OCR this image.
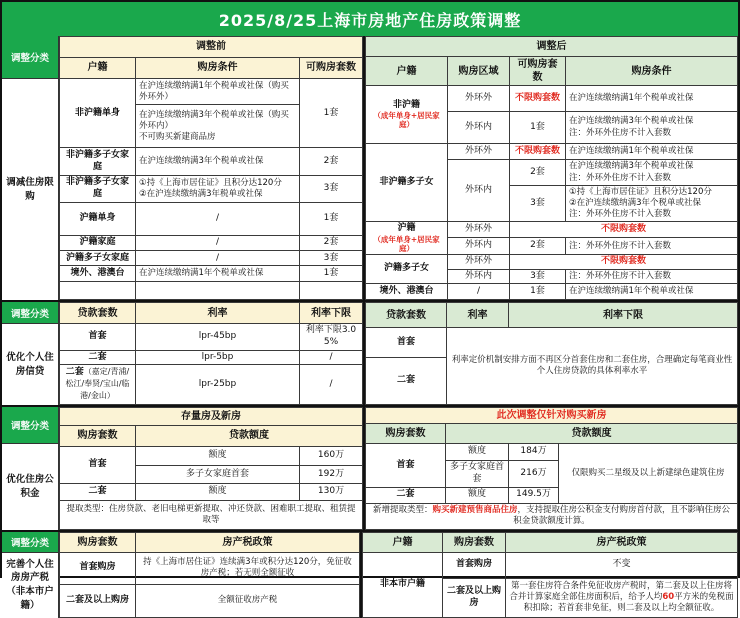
2025/8/25上海市房地产住房政策调整
调整分类
调减住房限购
调整前		
户籍	购房条件	可购房套数
非沪籍单身	在沪连续缴纳满1年个税单或社保（购买外环外）	1套

	在沪连续缴纳满3年个税单或社保（购买外环内）
不可购买新建商品房	

非沪籍多子女家庭	在沪连续缴纳满3年个税单或社保	2套
非沪籍多子女家庭	①持《上海市居住证》且积分达120分
②在沪连续缴纳满3年税单或社保	3套
沪籍单身	/	1套
沪籍家庭	/	2套
沪籍多子女家庭	/	3套
境外、港澳台	在沪连续缴纳满1年个税单或社保	1套

调整后			
户籍	购房区域	可购房套数	购房条件
非沪籍
（成年单身+居民家庭）	外环外	不限购套数	在沪连续缴纳满1年个税单或社保
	外环内	1套	在沪连续缴纳满3年个税单或社保
注：外环外住房不计入套数

非沪籍多子女	外环外	不限购套数	在沪连续缴纳满1年个税单或社保
	外环内	2套	在沪连续缴纳满3年个税单或社保
注：外环外住房不计入套数

		3套	①持《上海市居住证》且积分达120分
②在沪连续缴纳满3年个税单或社保
注：外环外住房不计入套数

沪籍
（成年单身+居民家庭）	外环外	不限购套数	
	外环内	2套	注：外环外住房不计入套数
沪籍多子女	外环外	不限购套数	
	外环内	3套	注：外环外住房不计入套数
境外、港澳台	/	1套	在沪连续缴纳满1年个税单或社保
调整分类
优化个人住房信贷
贷款套数	利率	利率下限
首套	lpr-45bp	利率下限3.05%
二套	lpr-5bp	/
二套（嘉定/青浦/松江/奉贤/宝山/临港/金山）	lpr-25bp	/
贷款套数	利率	利率下限
首套	利率定价机制安排方面不再区分首套住房和二套住房，合理确定每笔商业性个人住房贷款的具体利率水平	
二套		
调整分类
优化住房公积金
存量房及新房		
购房套数	贷款额度	
首套	额度	160万
	多子女家庭首套	192万
二套	额度	130万
提取类型：住房贷款、老旧电梯更新提取、冲还贷款、困难职工提取、租赁提取等		
此次调整仅针对购买新房			
购房套数	贷款额度		
首套	额度	184万	仅限购买二星级及以上新建绿色建筑住房
	多子女家庭首套	216万	
二套	额度	149.5万	
新增提取类型：购买新建预售商品住房，支持提取住房公积金支付购房首付款，且不影响住房公积金贷款额度计算。			
调整分类
完善个人住房房产税（非本市户籍）
购房套数	房产税政策
首套购房	持《上海市居住证》连续满3年或积分达120分，免征收房产税；若无则全额征收
二套及以上购房	全额征收房产税
户籍	购房套数	房产税政策
非本市户籍	首套购房	不变
	二套及以上购房	第一套住房符合条件免征收房产税时，第二套及以上住房将合并计算家庭全部住房面积后，给予人均60平方米的免税面积扣除；若首套非免征，则二套及以上均全额征收。
